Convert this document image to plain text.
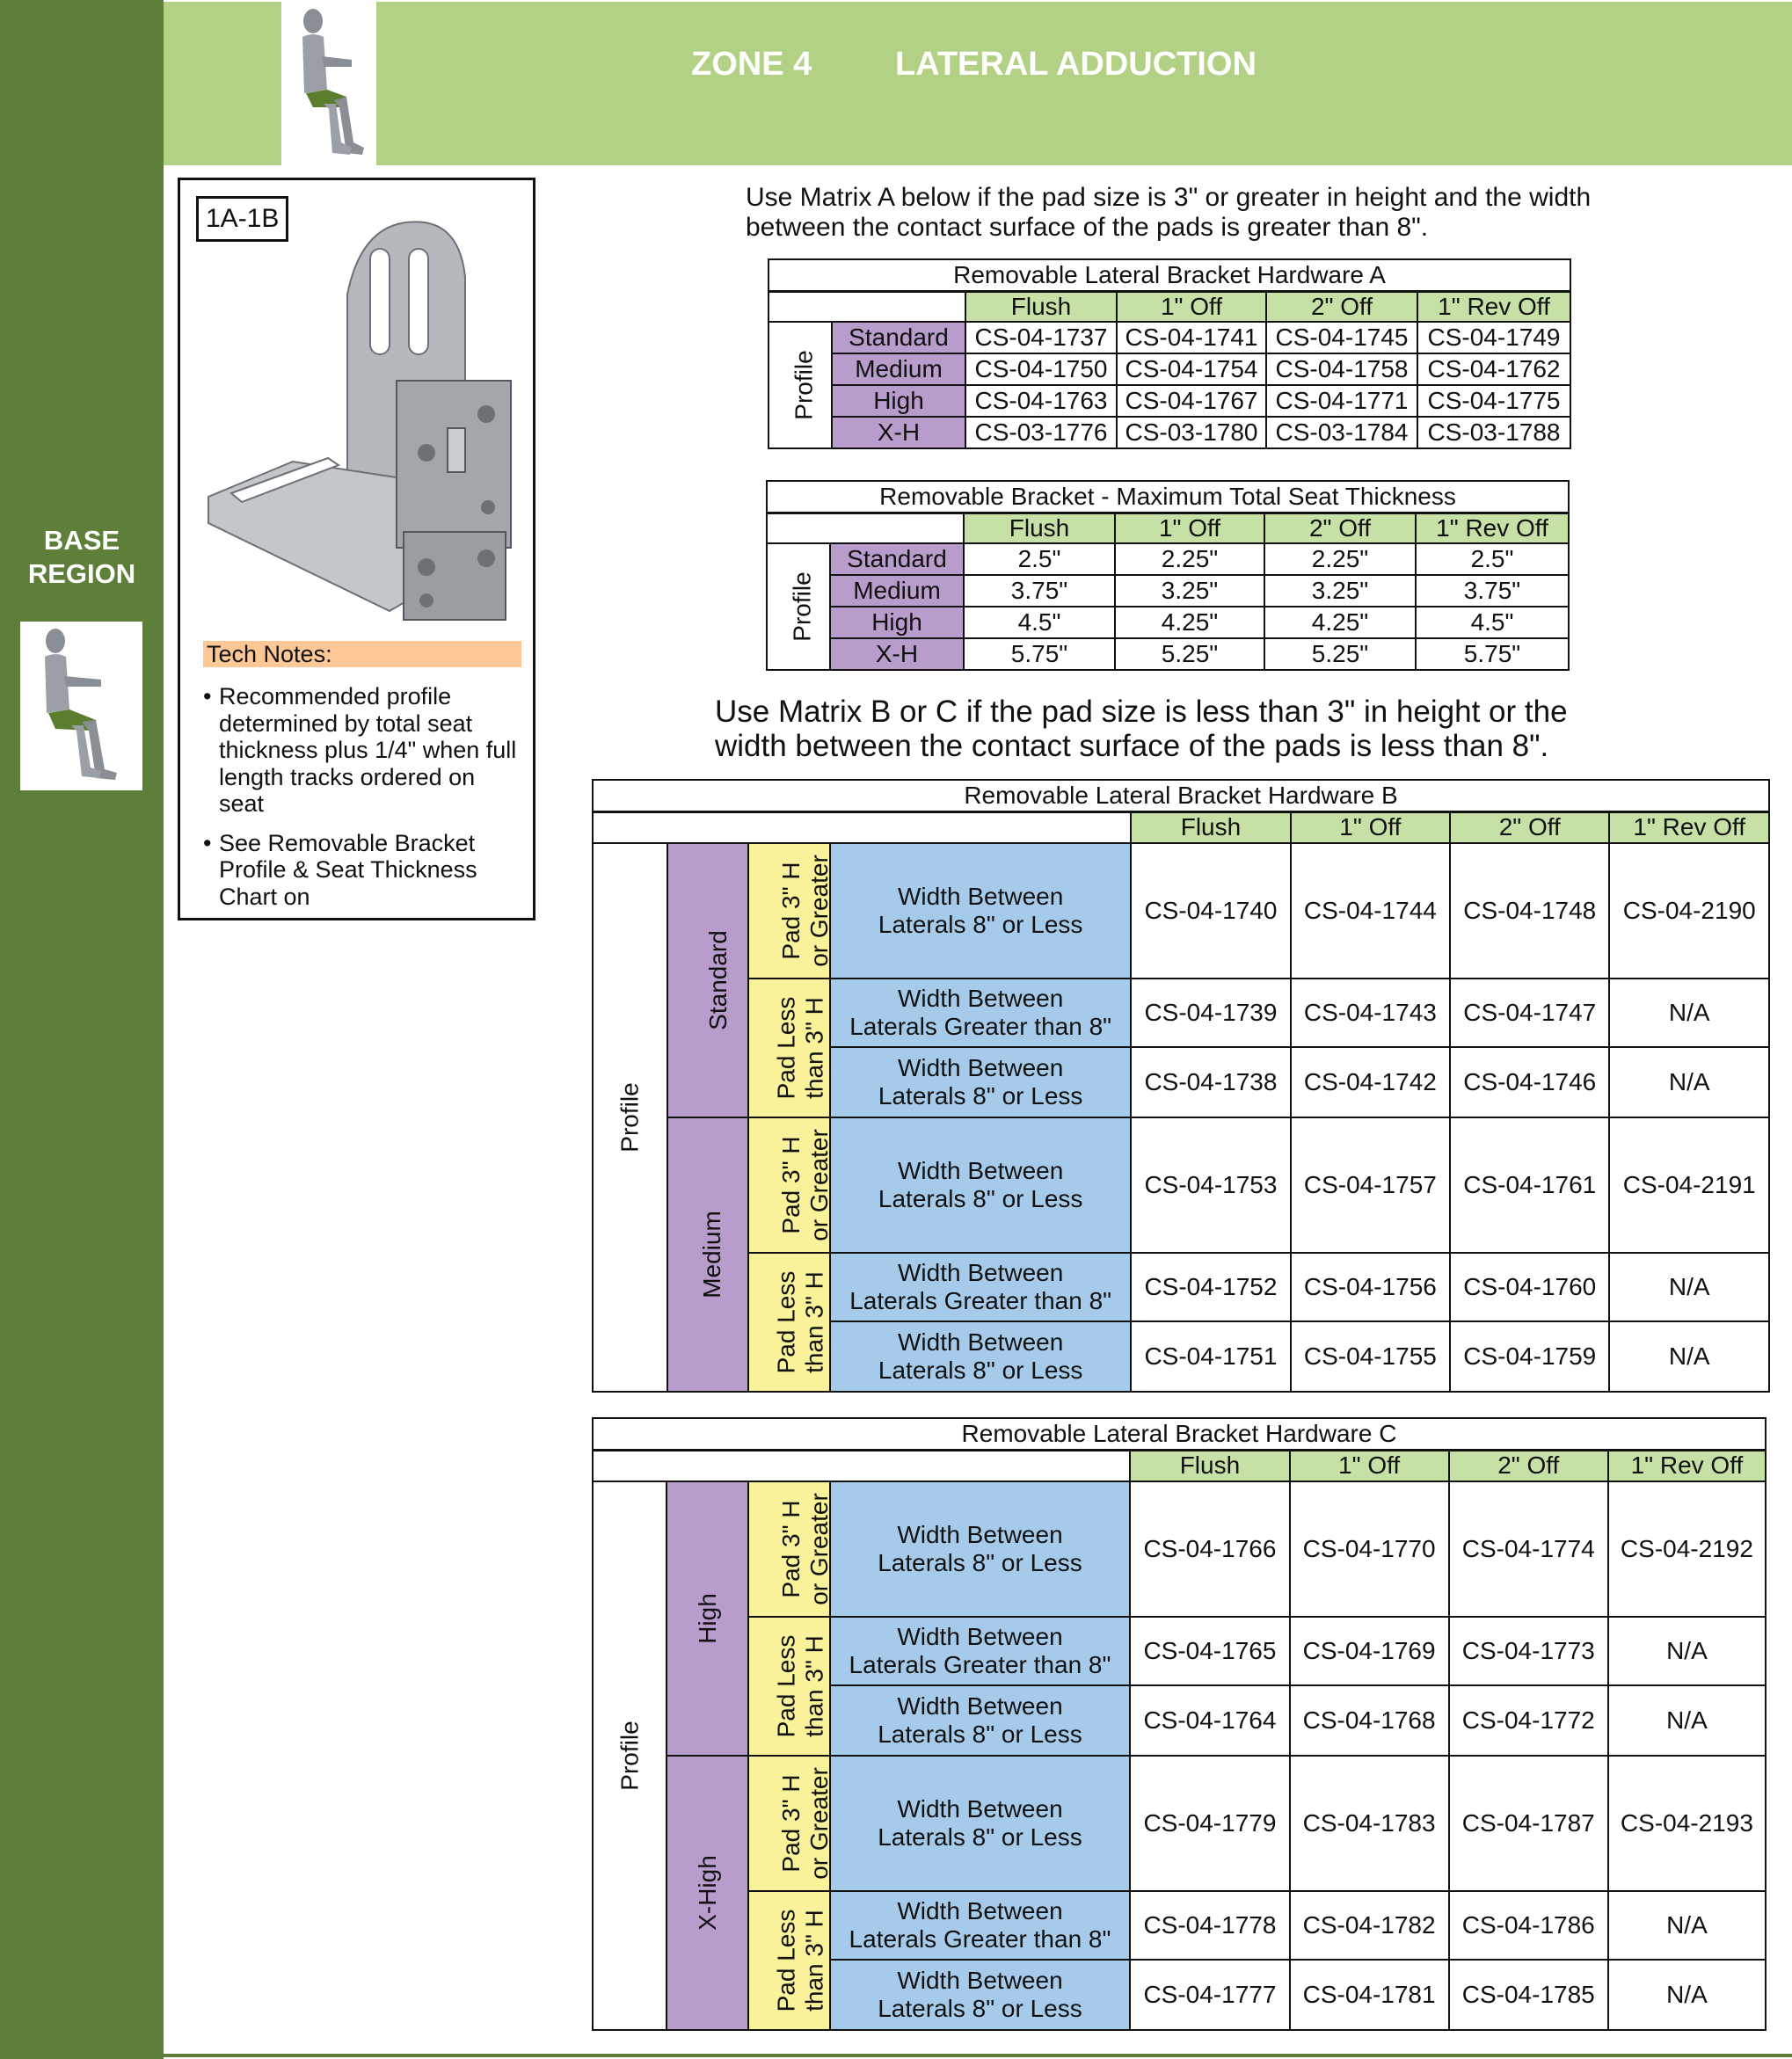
BASE
REGION
ZONE 4 LATERAL ADDUCTION
1A-1B
Tech Notes:
• Recommended profile determined by total seat thickness plus 1/4" when full length tracks ordered on seat
• See Removable Bracket Profile & Seat Thickness Chart on
Use Matrix A below if the pad size is 3" or greater in height and the width between the contact surface of the pads is greater than 8".
Removable Lateral Bracket Hardware A					
		Flush	1" Off	2" Off	1" Rev Off
Profile	Standard	CS-04-1737	CS-04-1741	CS-04-1745	CS-04-1749
	Medium	CS-04-1750	CS-04-1754	CS-04-1758	CS-04-1762
	High	CS-04-1763	CS-04-1767	CS-04-1771	CS-04-1775
	X-H	CS-03-1776	CS-03-1780	CS-03-1784	CS-03-1788
Removable Bracket - Maximum Total Seat Thickness					
		Flush	1" Off	2" Off	1" Rev Off
Profile	Standard	2.5"	2.25"	2.25"	2.5"
	Medium	3.75"	3.25"	3.25"	3.75"
	High	4.5"	4.25"	4.25"	4.5"
	X-H	5.75"	5.25"	5.25"	5.75"
Use Matrix B or C if the pad size is less than 3" in height or the width between the contact surface of the pads is less than 8".
Removable Lateral Bracket Hardware B							
				Flush	1" Off	2" Off	1" Rev Off
Profile	Standard	Pad 3" H
or Greater	Width Between
Laterals 8" or Less	CS-04-1740	CS-04-1744	CS-04-1748	CS-04-2190
		Pad Less
than 3" H	Width Between
Laterals Greater than 8"	CS-04-1739	CS-04-1743	CS-04-1747	N/A
			Width Between
Laterals 8" or Less	CS-04-1738	CS-04-1742	CS-04-1746	N/A
	Medium	Pad 3" H
or Greater	Width Between
Laterals 8" or Less	CS-04-1753	CS-04-1757	CS-04-1761	CS-04-2191
		Pad Less
than 3" H	Width Between
Laterals Greater than 8"	CS-04-1752	CS-04-1756	CS-04-1760	N/A
			Width Between
Laterals 8" or Less	CS-04-1751	CS-04-1755	CS-04-1759	N/A
Removable Lateral Bracket Hardware C							
				Flush	1" Off	2" Off	1" Rev Off
Profile	High	Pad 3" H
or Greater	Width Between
Laterals 8" or Less	CS-04-1766	CS-04-1770	CS-04-1774	CS-04-2192
		Pad Less
than 3" H	Width Between
Laterals Greater than 8"	CS-04-1765	CS-04-1769	CS-04-1773	N/A
			Width Between
Laterals 8" or Less	CS-04-1764	CS-04-1768	CS-04-1772	N/A
	X-High	Pad 3" H
or Greater	Width Between
Laterals 8" or Less	CS-04-1779	CS-04-1783	CS-04-1787	CS-04-2193
		Pad Less
than 3" H	Width Between
Laterals Greater than 8"	CS-04-1778	CS-04-1782	CS-04-1786	N/A
			Width Between
Laterals 8" or Less	CS-04-1777	CS-04-1781	CS-04-1785	N/A
